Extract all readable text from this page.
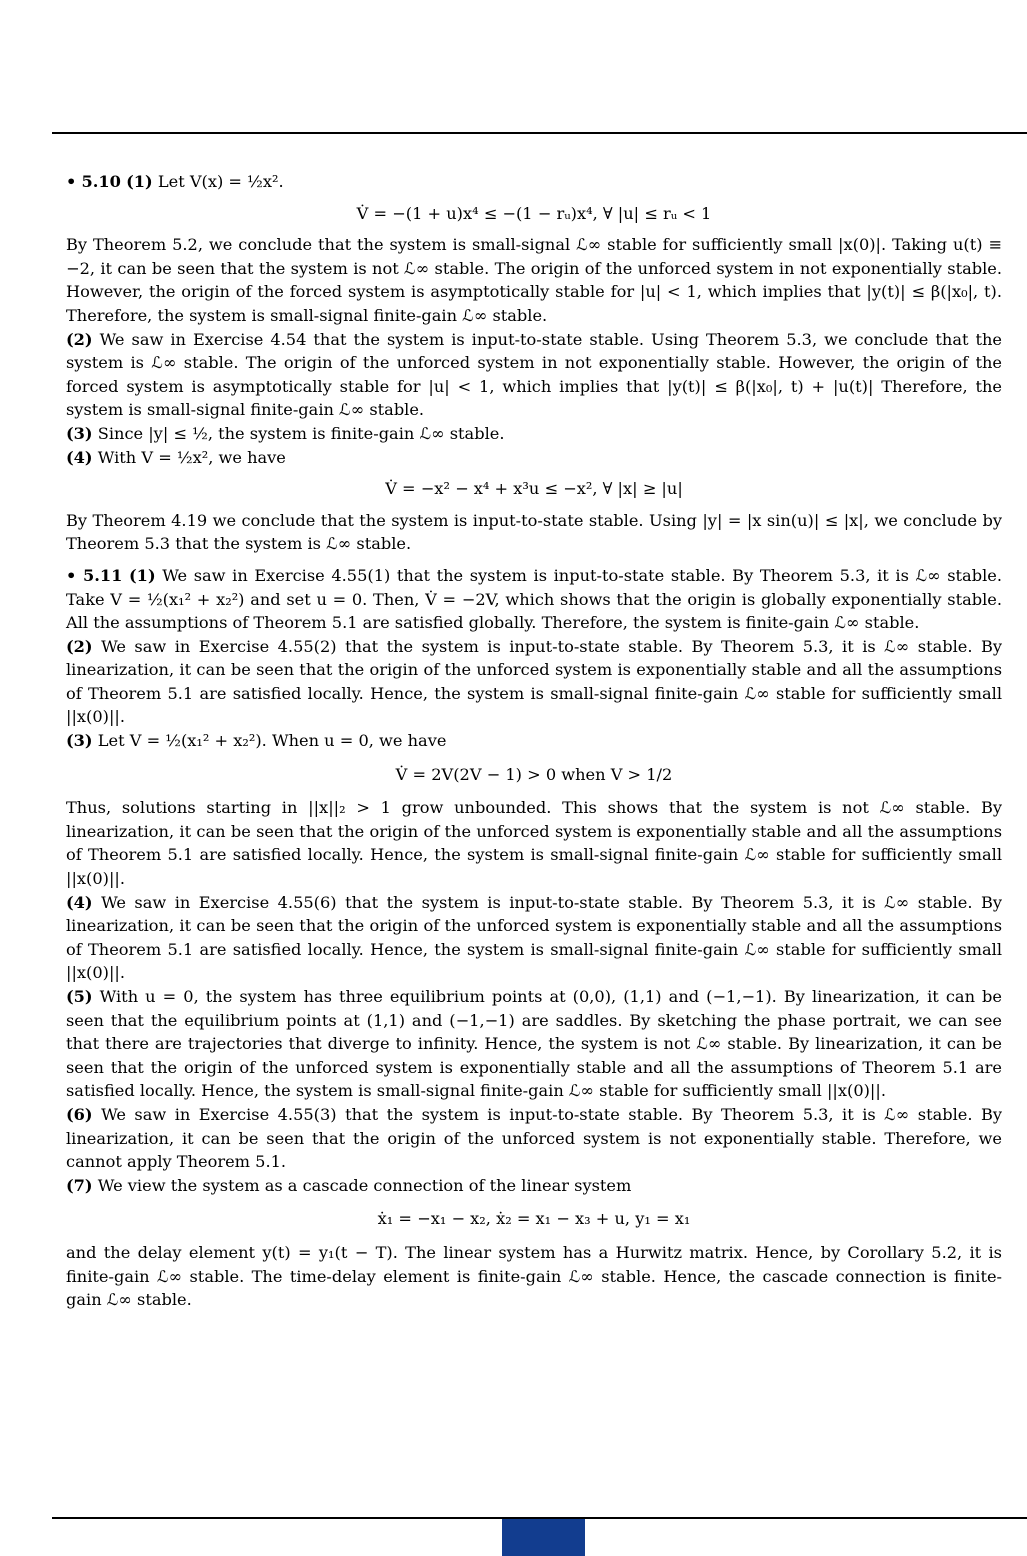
• 5.10 (1) Let V(x) = ½x².

V̇ = −(1 + u)x⁴ ≤ −(1 − rᵤ)x⁴, ∀ |u| ≤ rᵤ < 1

By Theorem 5.2, we conclude that the system is small-signal ℒ∞ stable for sufficiently small |x(0)|. Taking u(t) ≡ −2, it can be seen that the system is not ℒ∞ stable. The origin of the unforced system in not exponentially stable. However, the origin of the forced system is asymptotically stable for |u| < 1, which implies that |y(t)| ≤ β(|x₀|, t). Therefore, the system is small-signal finite-gain ℒ∞ stable.

(2) We saw in Exercise 4.54 that the system is input-to-state stable. Using Theorem 5.3, we conclude that the system is ℒ∞ stable. The origin of the unforced system in not exponentially stable. However, the origin of the forced system is asymptotically stable for |u| < 1, which implies that |y(t)| ≤ β(|x₀|, t) + |u(t)| Therefore, the system is small-signal finite-gain ℒ∞ stable.

(3) Since |y| ≤ ½, the system is finite-gain ℒ∞ stable.

(4) With V = ½x², we have

V̇ = −x² − x⁴ + x³u ≤ −x², ∀ |x| ≥ |u|

By Theorem 4.19 we conclude that the system is input-to-state stable. Using |y| = |x sin(u)| ≤ |x|, we conclude by Theorem 5.3 that the system is ℒ∞ stable.

• 5.11 (1) We saw in Exercise 4.55(1) that the system is input-to-state stable. By Theorem 5.3, it is ℒ∞ stable. Take V = ½(x₁² + x₂²) and set u = 0. Then, V̇ = −2V, which shows that the origin is globally exponentially stable. All the assumptions of Theorem 5.1 are satisfied globally. Therefore, the system is finite-gain ℒ∞ stable.

(2) We saw in Exercise 4.55(2) that the system is input-to-state stable. By Theorem 5.3, it is ℒ∞ stable. By linearization, it can be seen that the origin of the unforced system is exponentially stable and all the assumptions of Theorem 5.1 are satisfied locally. Hence, the system is small-signal finite-gain ℒ∞ stable for sufficiently small ||x(0)||.

(3) Let V = ½(x₁² + x₂²). When u = 0, we have

V̇ = 2V(2V − 1) > 0 when V > 1/2

Thus, solutions starting in ||x||₂ > 1 grow unbounded. This shows that the system is not ℒ∞ stable. By linearization, it can be seen that the origin of the unforced system is exponentially stable and all the assumptions of Theorem 5.1 are satisfied locally. Hence, the system is small-signal finite-gain ℒ∞ stable for sufficiently small ||x(0)||.

(4) We saw in Exercise 4.55(6) that the system is input-to-state stable. By Theorem 5.3, it is ℒ∞ stable. By linearization, it can be seen that the origin of the unforced system is exponentially stable and all the assumptions of Theorem 5.1 are satisfied locally. Hence, the system is small-signal finite-gain ℒ∞ stable for sufficiently small ||x(0)||.

(5) With u = 0, the system has three equilibrium points at (0,0), (1,1) and (−1,−1). By linearization, it can be seen that the equilibrium points at (1,1) and (−1,−1) are saddles. By sketching the phase portrait, we can see that there are trajectories that diverge to infinity. Hence, the system is not ℒ∞ stable. By linearization, it can be seen that the origin of the unforced system is exponentially stable and all the assumptions of Theorem 5.1 are satisfied locally. Hence, the system is small-signal finite-gain ℒ∞ stable for sufficiently small ||x(0)||.

(6) We saw in Exercise 4.55(3) that the system is input-to-state stable. By Theorem 5.3, it is ℒ∞ stable. By linearization, it can be seen that the origin of the unforced system is not exponentially stable. Therefore, we cannot apply Theorem 5.1.

(7) We view the system as a cascade connection of the linear system

ẋ₁ = −x₁ − x₂, ẋ₂ = x₁ − x₃ + u, y₁ = x₁

and the delay element y(t) = y₁(t − T). The linear system has a Hurwitz matrix. Hence, by Corollary 5.2, it is finite-gain ℒ∞ stable. The time-delay element is finite-gain ℒ∞ stable. Hence, the cascade connection is finite-gain ℒ∞ stable.
